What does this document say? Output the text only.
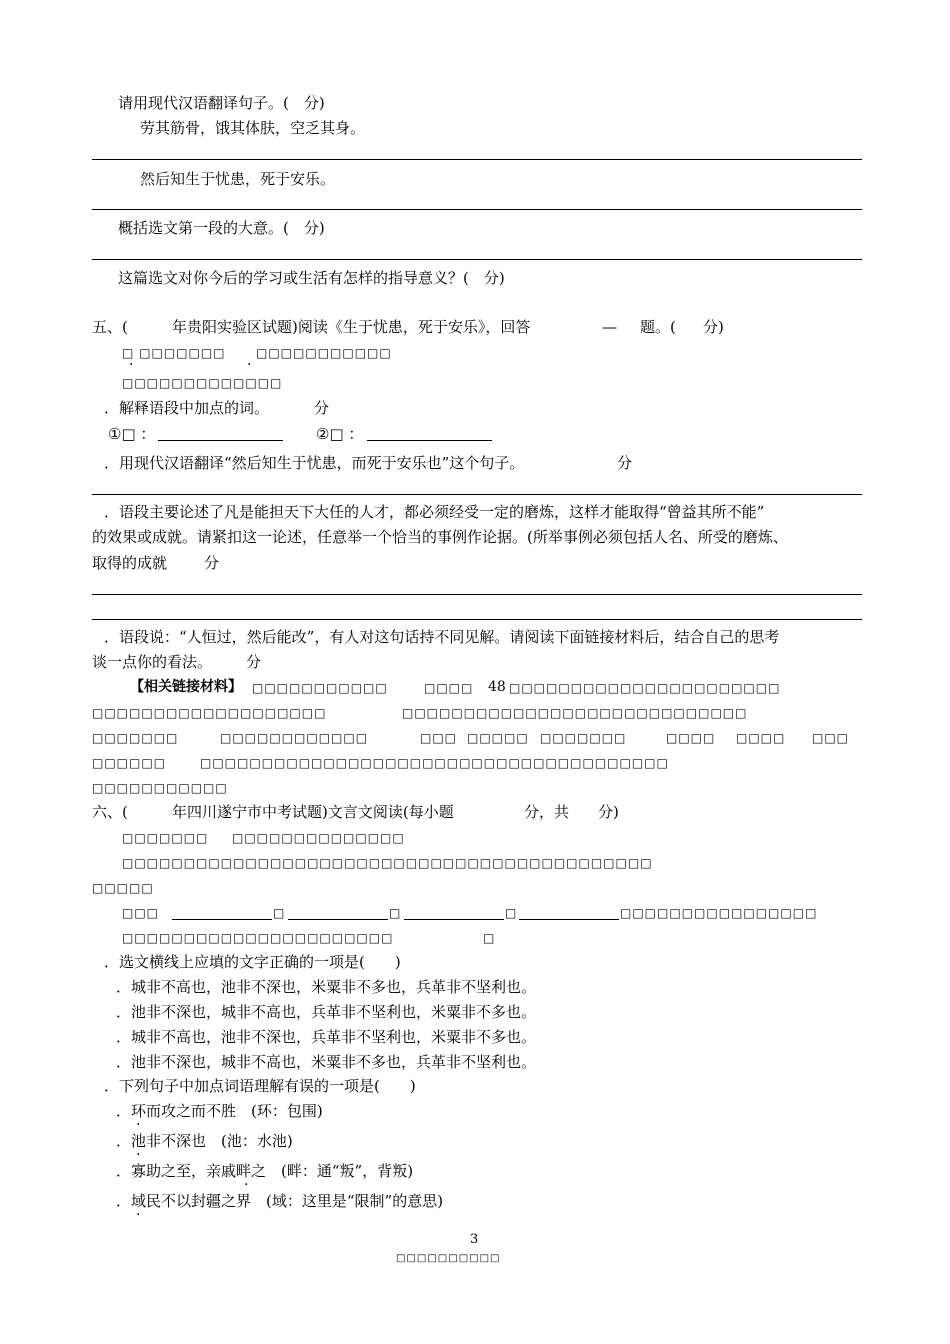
请用现代汉语翻译句子。(　分)
劳其筋骨，饿其体肤，空乏其身。
然后知生于忧患，死于安乐。
概括选文第一段的大意。(　分)
这篇选文对你今后的学习或生活有怎样的指导意义？(　分)
五、(	年贵阳实验区试题)阅读《生于忧患，死于安乐》，回答	— 题。( 分)
□ □□□□□□□
·
□□□□□□□□□□□
·
□□□□□□□□□□□□□
．解释语段中加点的词。	分
①□ ：	②□ ：
．用现代汉语翻译“然后知生于忧患，而死于安乐也”这个句子。	分
．语段主要论述了凡是能担天下大任的人才，都必须经受一定的磨炼，这样才能取得“曾益其所不能”
的效果或成就。请紧扣这一论述，任意举一个恰当的事例作论据。(所举事例必须包括人名、所受的磨炼、
取得的成就 分
．语段说：“人恒过，然后能改”，有人对这句话持不同见解。请阅读下面链接材料后，结合自己的思考
谈一点你的看法。 分
【相关链接材料】 □□□□□□□□□□□	□□□□ 48 □□□□□□□□□□□□□□□□□□□□□□
□□□□□□□□□□□□□□□□□□□	□□□□□□□□□□□□□□□□□□□□□□□□□□□□
□□□□□□□	□□□□□□□□□□□□	□□□ □□□□□ □□□□□□□	□□□□ □□□□ □□□
□□□□□□	□□□□□□□□□□□□□□□□□□□□□□□□□□□□□□□□□□□□□□
□□□□□□□□□□□
六、(	年四川遂宁市中考试题)文言文阅读(每小题	分，共 分)
□□□□□□□ □□□□□□□□□□□□□□
□□□□□□□□□□□□□□□□□□□□□□□□□□□□□□□□□□□□□□□□□□□
□□□□□
□□□	□	□	□	□□□□□□□□□□□□□□□□
□□□□□□□□□□□□□□□□□□□□□□	□
．选文横线上应填的文字正确的一项是(　　)
．城非不高也，池非不深也，米粟非不多也，兵革非不坚利也。
．池非不深也，城非不高也，兵革非不坚利也，米粟非不多也。
．城非不高也，池非不深也，兵革非不坚利也，米粟非不多也。
．池非不深也，城非不高也，米粟非不多也，兵革非不坚利也。
．下列句子中加点词语理解有误的一项是(　　)
．环而攻之而不胜　(环：包围)
·
．池非不深也　(池：水池)
·
．寡助之至，亲戚畔之　(畔：通“叛”，背叛)
·
．域民不以封疆之界　(域：这里是“限制”的意思)
·
3
□□□□□□□□□□
